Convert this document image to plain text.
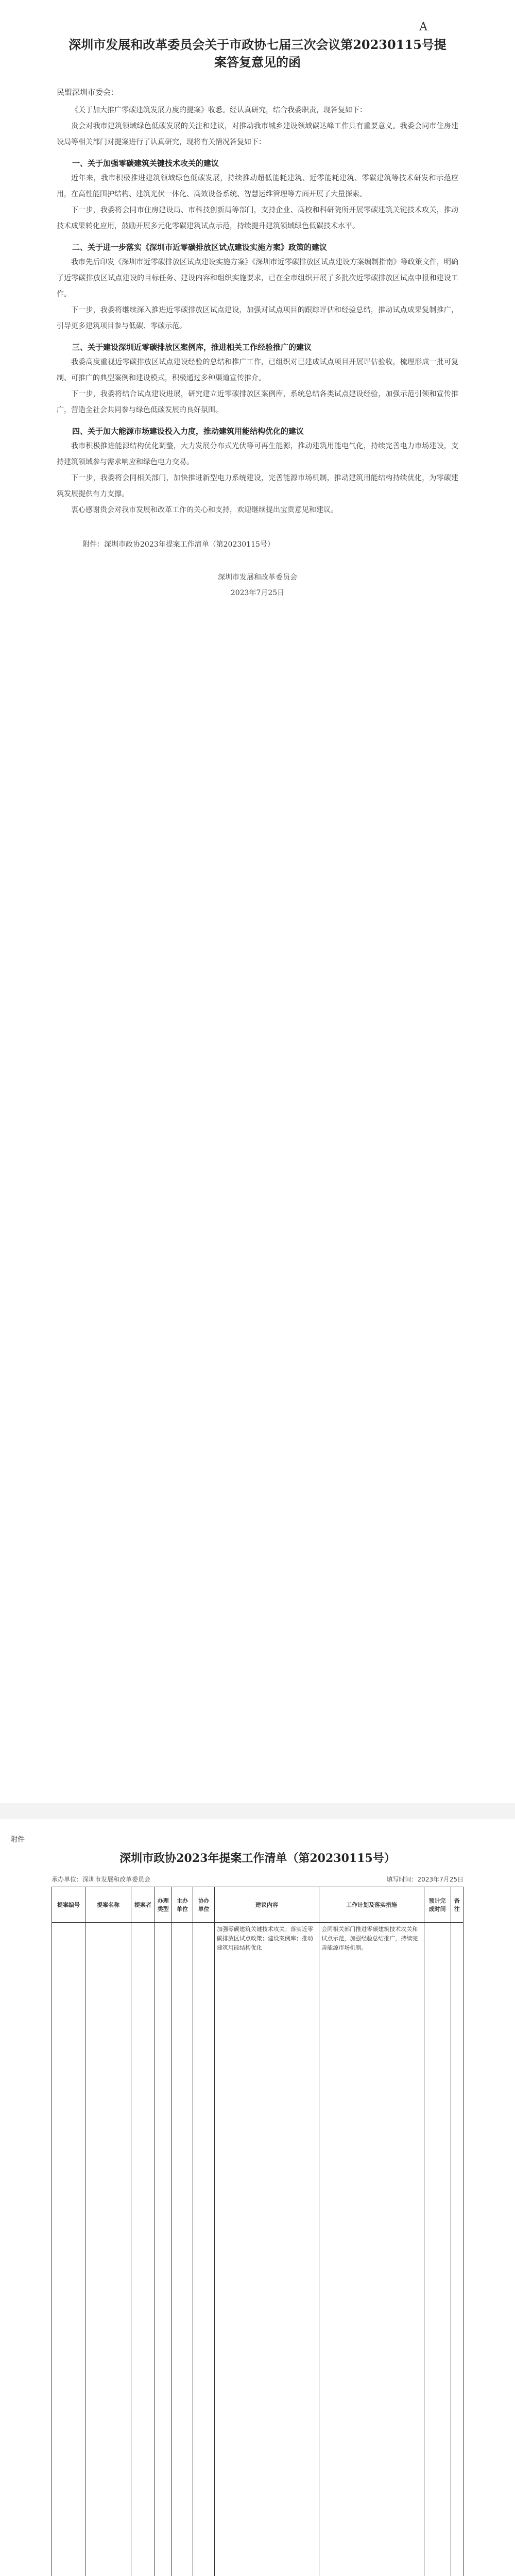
A
深圳市发展和改革委员会关于市政协七届三次会议第20230115号提案答复意见的函
民盟深圳市委会：

《关于加大推广零碳建筑发展力度的提案》收悉。经认真研究，结合我委职责，现答复如下：

贵会对我市建筑领域绿色低碳发展的关注和建议，对推动我市城乡建设领域碳达峰工作具有重要意义。我委会同市住房建设局等相关部门对提案进行了认真研究，现将有关情况答复如下：

一、关于加强零碳建筑关键技术攻关的建议

近年来，我市积极推进建筑领域绿色低碳发展，持续推动超低能耗建筑、近零能耗建筑、零碳建筑等技术研发和示范应用，在高性能围护结构、建筑光伏一体化、高效设备系统、智慧运维管理等方面开展了大量探索。

下一步，我委将会同市住房建设局、市科技创新局等部门，支持企业、高校和科研院所开展零碳建筑关键技术攻关，推动技术成果转化应用，鼓励开展多元化零碳建筑试点示范，持续提升建筑领域绿色低碳技术水平。

二、关于进一步落实《深圳市近零碳排放区试点建设实施方案》政策的建议

我市先后印发《深圳市近零碳排放区试点建设实施方案》《深圳市近零碳排放区试点建设方案编制指南》等政策文件，明确了近零碳排放区试点建设的目标任务、建设内容和组织实施要求，已在全市组织开展了多批次近零碳排放区试点申报和建设工作。

下一步，我委将继续深入推进近零碳排放区试点建设，加强对试点项目的跟踪评估和经验总结，推动试点成果复制推广，引导更多建筑项目参与低碳、零碳示范。

三、关于建设深圳近零碳排放区案例库，推进相关工作经验推广的建议

我委高度重视近零碳排放区试点建设经验的总结和推广工作，已组织对已建成试点项目开展评估验收，梳理形成一批可复制、可推广的典型案例和建设模式，积极通过多种渠道宣传推介。

下一步，我委将结合试点建设进展，研究建立近零碳排放区案例库，系统总结各类试点建设经验，加强示范引领和宣传推广，营造全社会共同参与绿色低碳发展的良好氛围。

四、关于加大能源市场建设投入力度，推动建筑用能结构优化的建议

我市积极推进能源结构优化调整，大力发展分布式光伏等可再生能源，推动建筑用能电气化，持续完善电力市场建设，支持建筑领域参与需求响应和绿色电力交易。

下一步，我委将会同相关部门，加快推进新型电力系统建设，完善能源市场机制，推动建筑用能结构持续优化，为零碳建筑发展提供有力支撑。

衷心感谢贵会对我市发展和改革工作的关心和支持，欢迎继续提出宝贵意见和建议。

附件：深圳市政协2023年提案工作清单（第20230115号）
深圳市发展和改革委员会
2023年7月25日
附件
深圳市政协2023年提案工作清单（第20230115号）
承办单位：深圳市发展和改革委员会	填写时间：2023年7月25日
提案编号	提案名称	提案者	办理类型	主办单位	协办单位	建议内容	工作计划及落实措施	预计完成时间	备注
						加强零碳建筑关键技术攻关；落实近零碳排放区试点政策；建设案例库；推动建筑用能结构优化	会同相关部门推进零碳建筑技术攻关和试点示范，加强经验总结推广，持续完善能源市场机制。		
